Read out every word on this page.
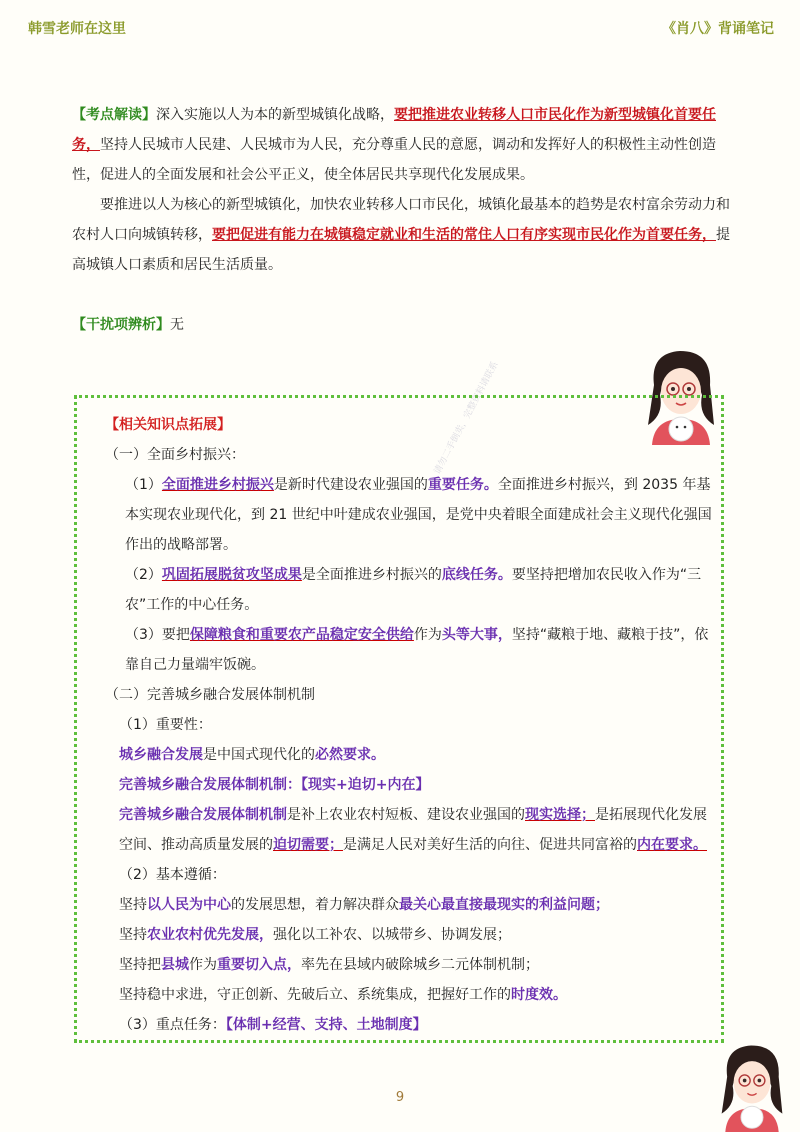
韩雪老师在这里	《肖八》背诵笔记

【考点解读】深入实施以人为本的新型城镇化战略，要把推进农业转移人口市民化作为新型城镇化首要任务，坚持人民城市人民建、人民城市为人民，充分尊重人民的意愿，调动和发挥好人的积极性主动性创造性，促进人的全面发展和社会公平正义，使全体居民共享现代化发展成果。

要推进以人为核心的新型城镇化，加快农业转移人口市民化，城镇化最基本的趋势是农村富余劳动力和农村人口向城镇转移，要把促进有能力在城镇稳定就业和生活的常住人口有序实现市民化作为首要任务，提高城镇人口素质和居民生活质量。

【干扰项辨析】无
请勿二手倒卖，完整资料请联系
【相关知识点拓展】
（一）全面乡村振兴：
（1）全面推进乡村振兴是新时代建设农业强国的重要任务。全面推进乡村振兴，到 2035 年基本实现农业现代化，到 21 世纪中叶建成农业强国，是党中央着眼全面建成社会主义现代化强国作出的战略部署。
（2）巩固拓展脱贫攻坚成果是全面推进乡村振兴的底线任务。要坚持把增加农民收入作为“三农”工作的中心任务。
（3）要把保障粮食和重要农产品稳定安全供给作为头等大事，坚持“藏粮于地、藏粮于技”，依靠自己力量端牢饭碗。
（二）完善城乡融合发展体制机制
（1）重要性：
城乡融合发展是中国式现代化的必然要求。
完善城乡融合发展体制机制：【现实+迫切+内在】
完善城乡融合发展体制机制是补上农业农村短板、建设农业强国的现实选择；是拓展现代化发展空间、推动高质量发展的迫切需要；是满足人民对美好生活的向往、促进共同富裕的内在要求。
（2）基本遵循：
坚持以人民为中心的发展思想，着力解决群众最关心最直接最现实的利益问题；
坚持农业农村优先发展，强化以工补农、以城带乡、协调发展；
坚持把县城作为重要切入点，率先在县域内破除城乡二元体制机制；
坚持稳中求进，守正创新、先破后立、系统集成，把握好工作的时度效。
（3）重点任务：【体制+经营、支持、土地制度】
9
